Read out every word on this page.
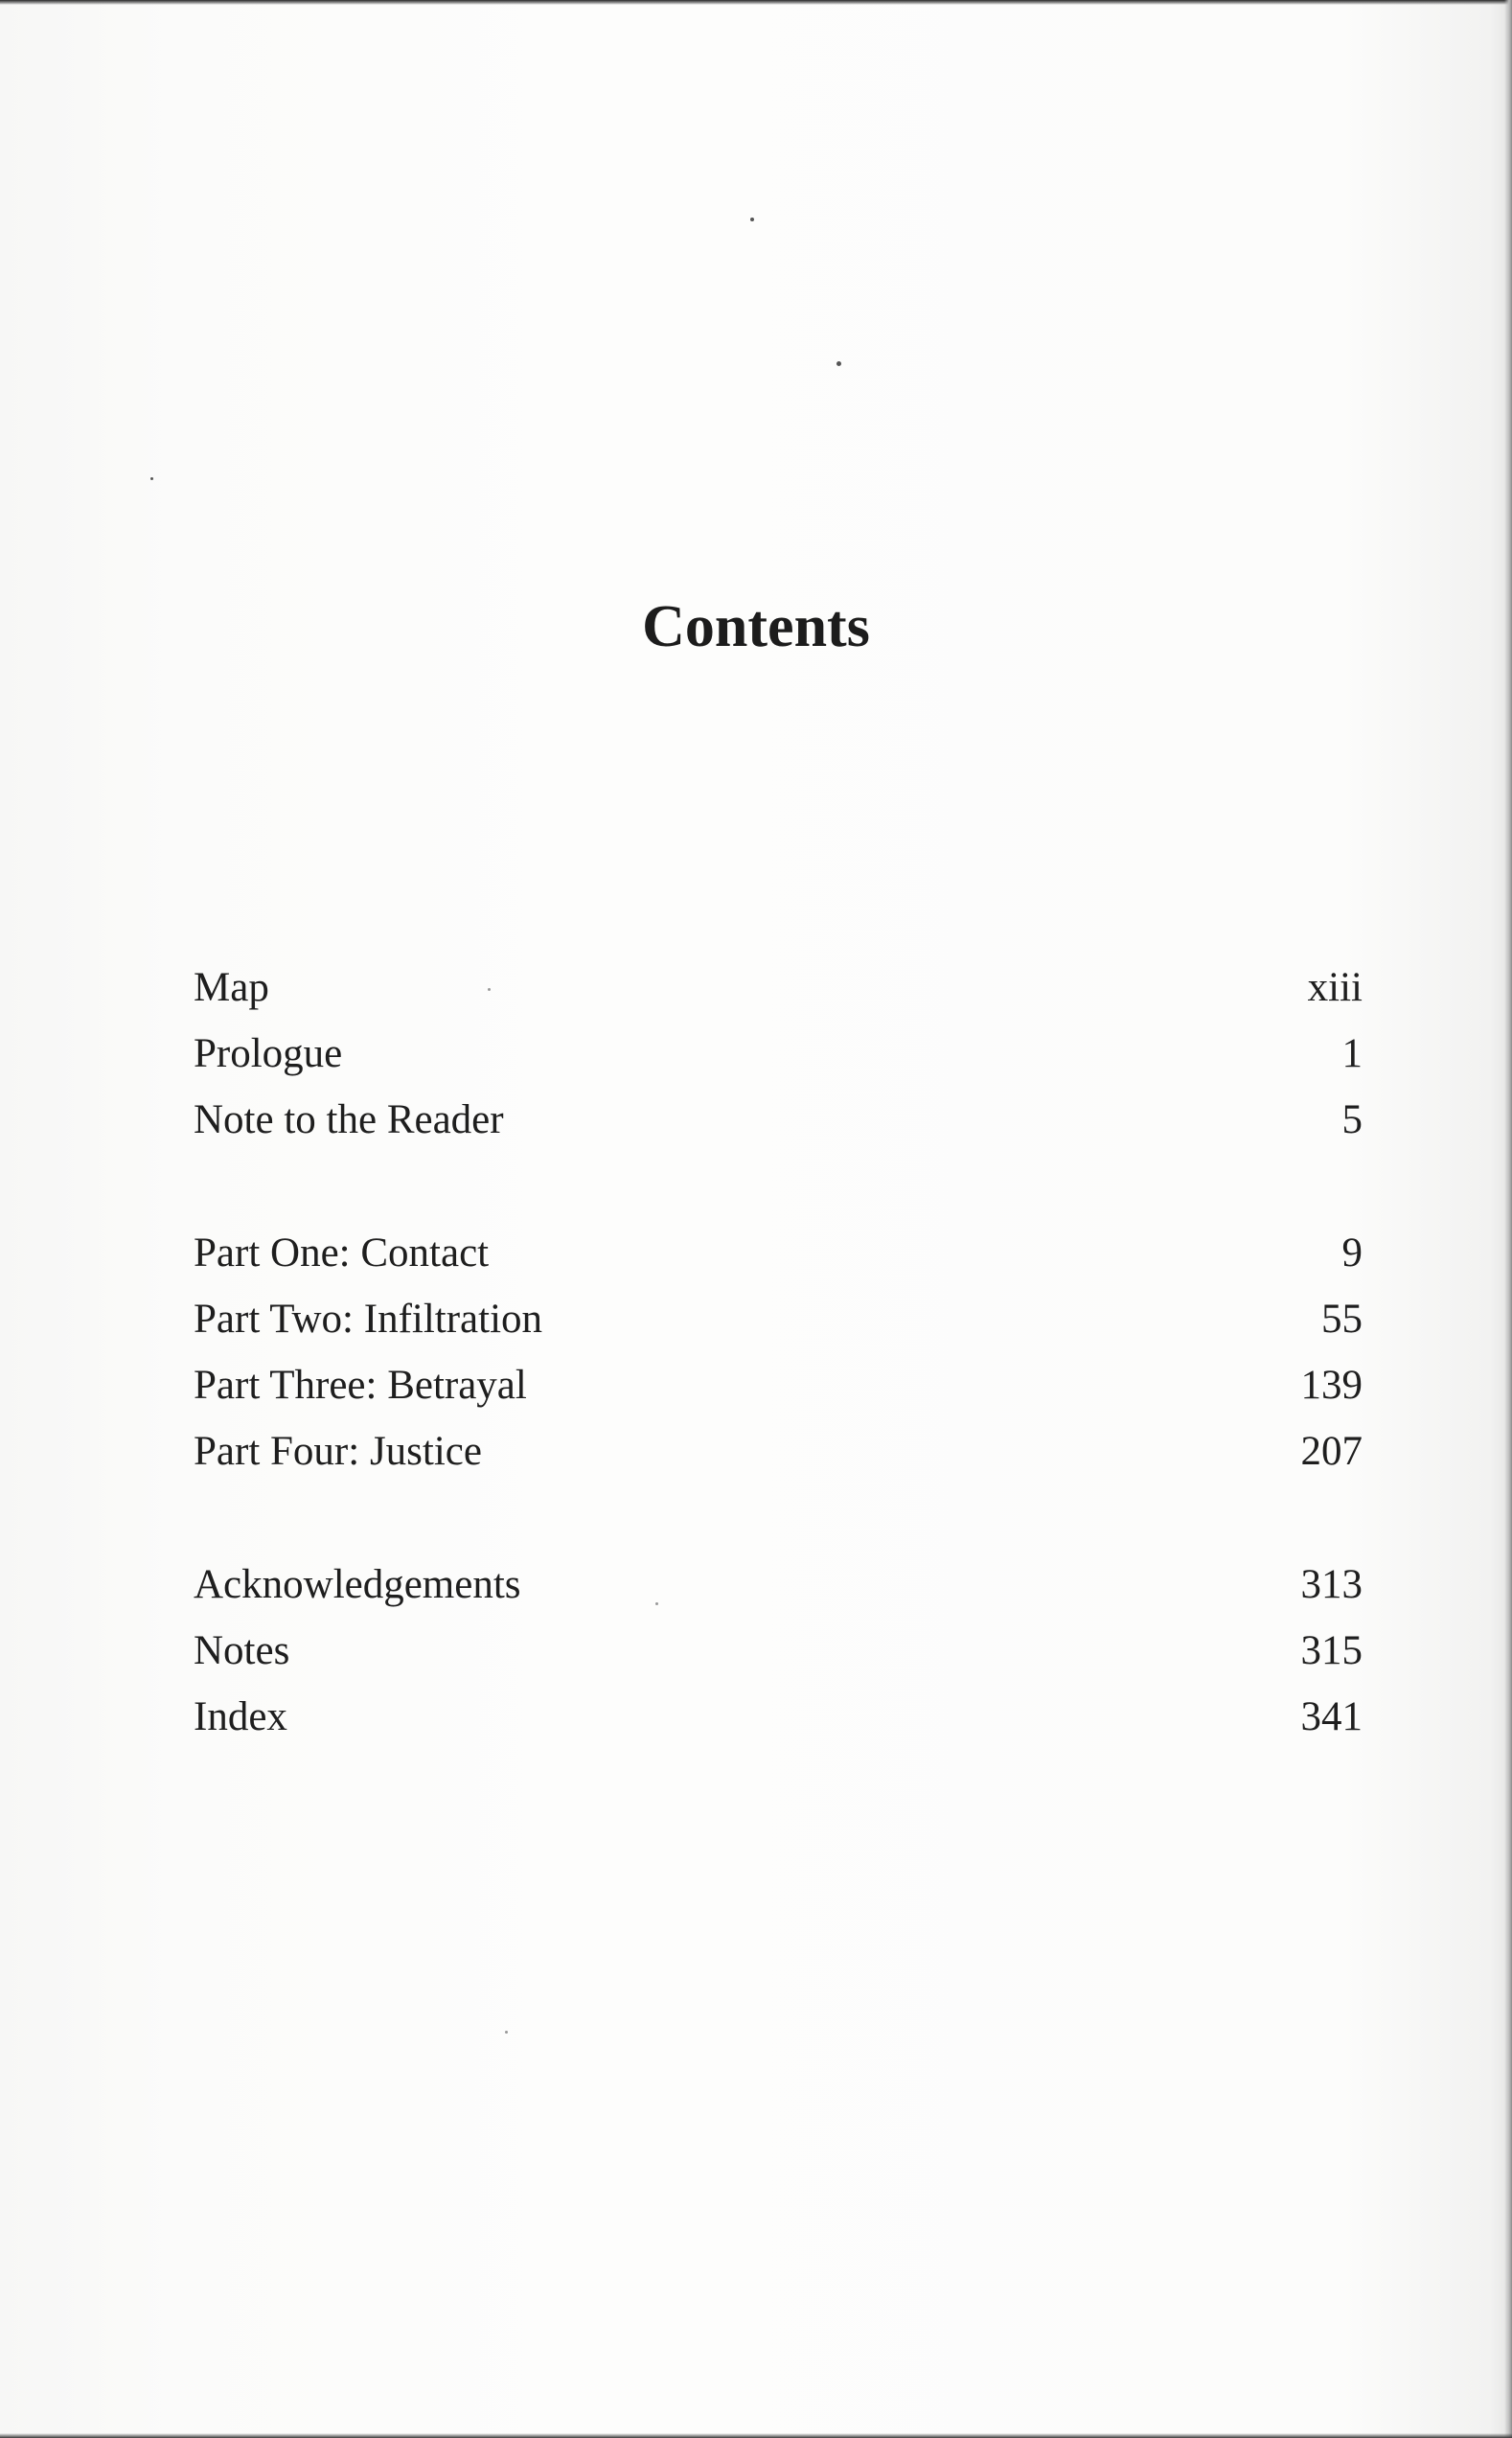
Contents
Map	xiii
Prologue	1
Note to the Reader	5
Part One: Contact	9
Part Two: Infiltration	55
Part Three: Betrayal	139
Part Four: Justice	207
Acknowledgements	313
Notes	315
Index	341
